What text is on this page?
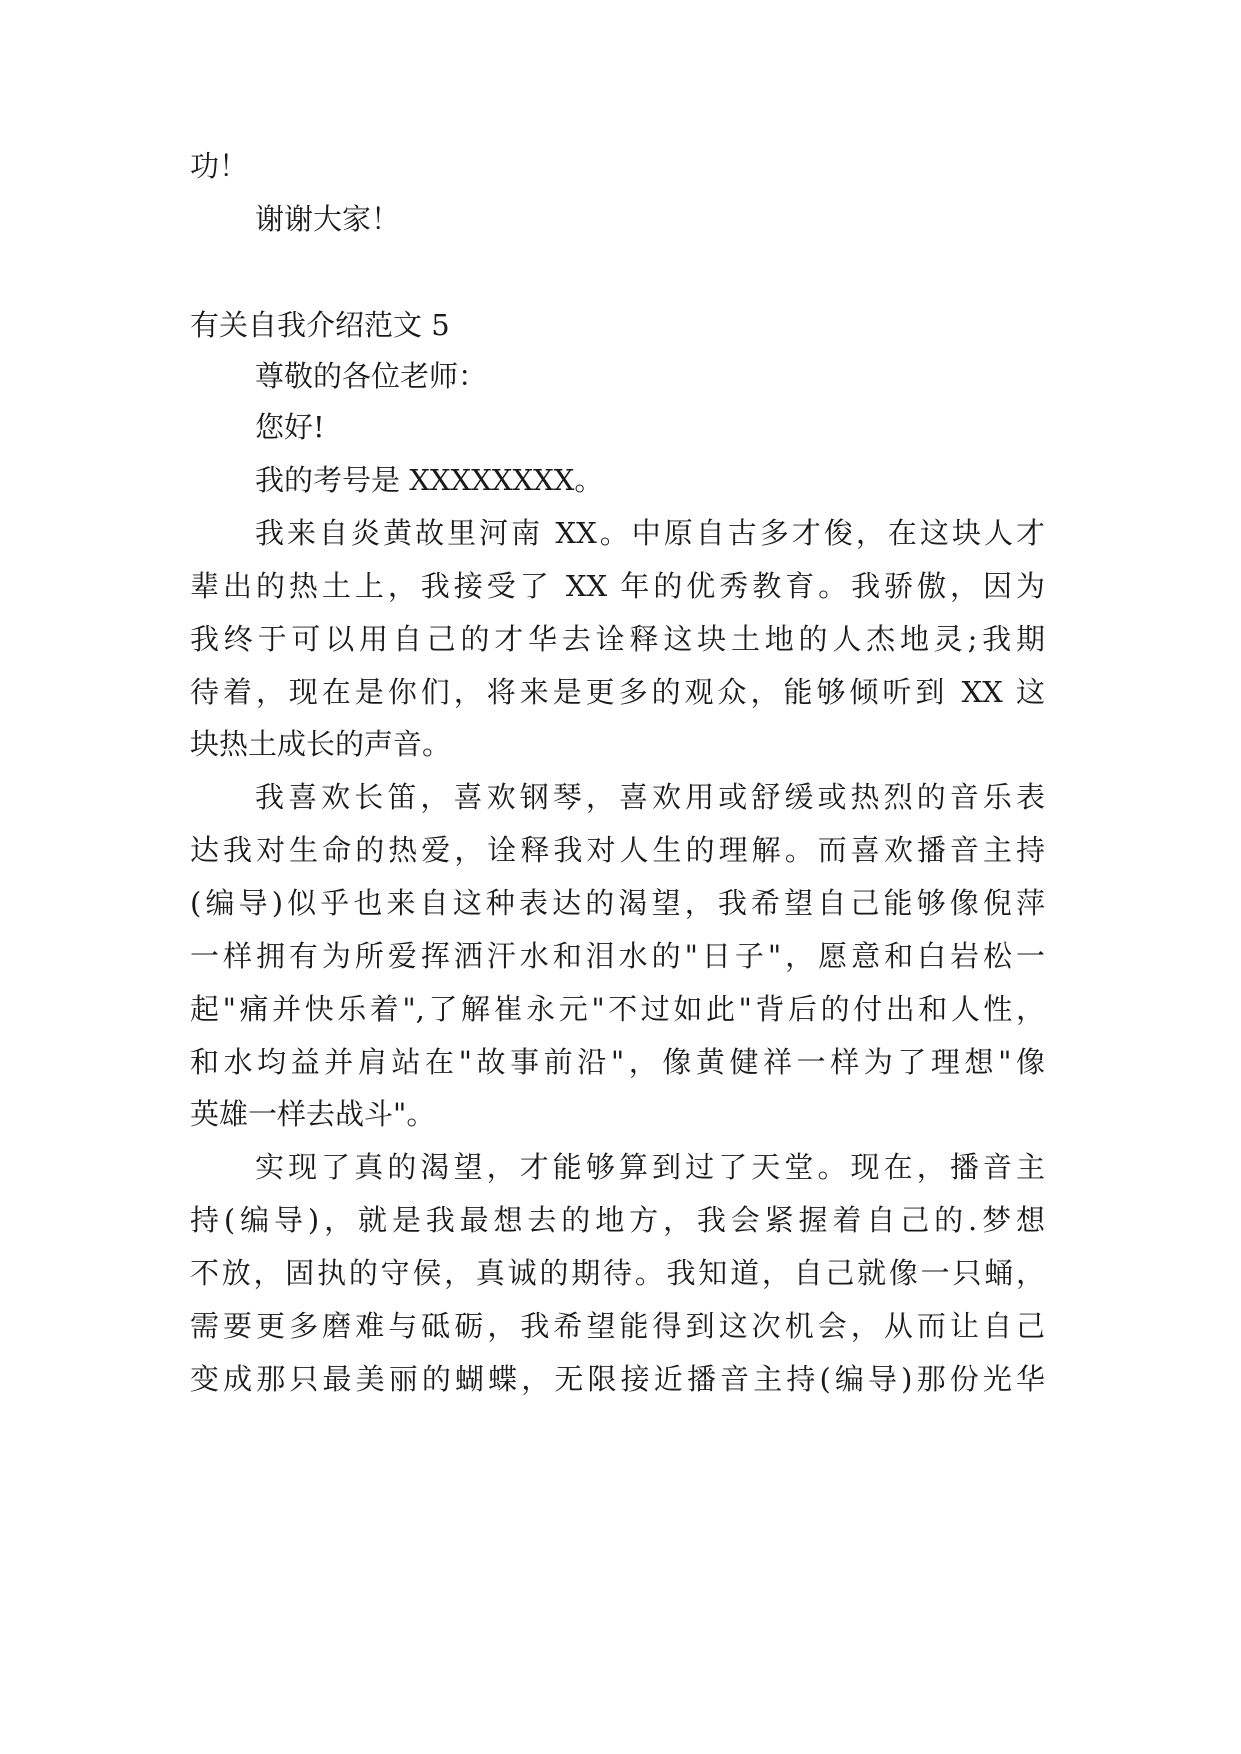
功！
谢谢大家！
有关自我介绍范文 5
尊敬的各位老师：
您好!
我的考号是 XXXXXXXX。
我来自炎黄故里河南 XX。中原自古多才俊，在这块人才
辈出的热土上，我接受了 XX 年的优秀教育。我骄傲，因为
我终于可以用自己的才华去诠释这块土地的人杰地灵;我期
待着，现在是你们，将来是更多的观众，能够倾听到 XX 这
块热土成长的声音。
我喜欢长笛，喜欢钢琴，喜欢用或舒缓或热烈的音乐表
达我对生命的热爱，诠释我对人生的理解。而喜欢播音主持
(编导)似乎也来自这种表达的渴望，我希望自己能够像倪萍
一样拥有为所爱挥洒汗水和泪水的"日子"，愿意和白岩松一
起"痛并快乐着",了解崔永元"不过如此"背后的付出和人性，
和水均益并肩站在"故事前沿"，像黄健祥一样为了理想"像
英雄一样去战斗"。
实现了真的渴望，才能够算到过了天堂。现在，播音主
持(编导)，就是我最想去的地方，我会紧握着自己的.梦想
不放，固执的守侯，真诚的期待。我知道，自己就像一只蛹，
需要更多磨难与砥砺，我希望能得到这次机会，从而让自己
变成那只最美丽的蝴蝶，无限接近播音主持(编导)那份光华
